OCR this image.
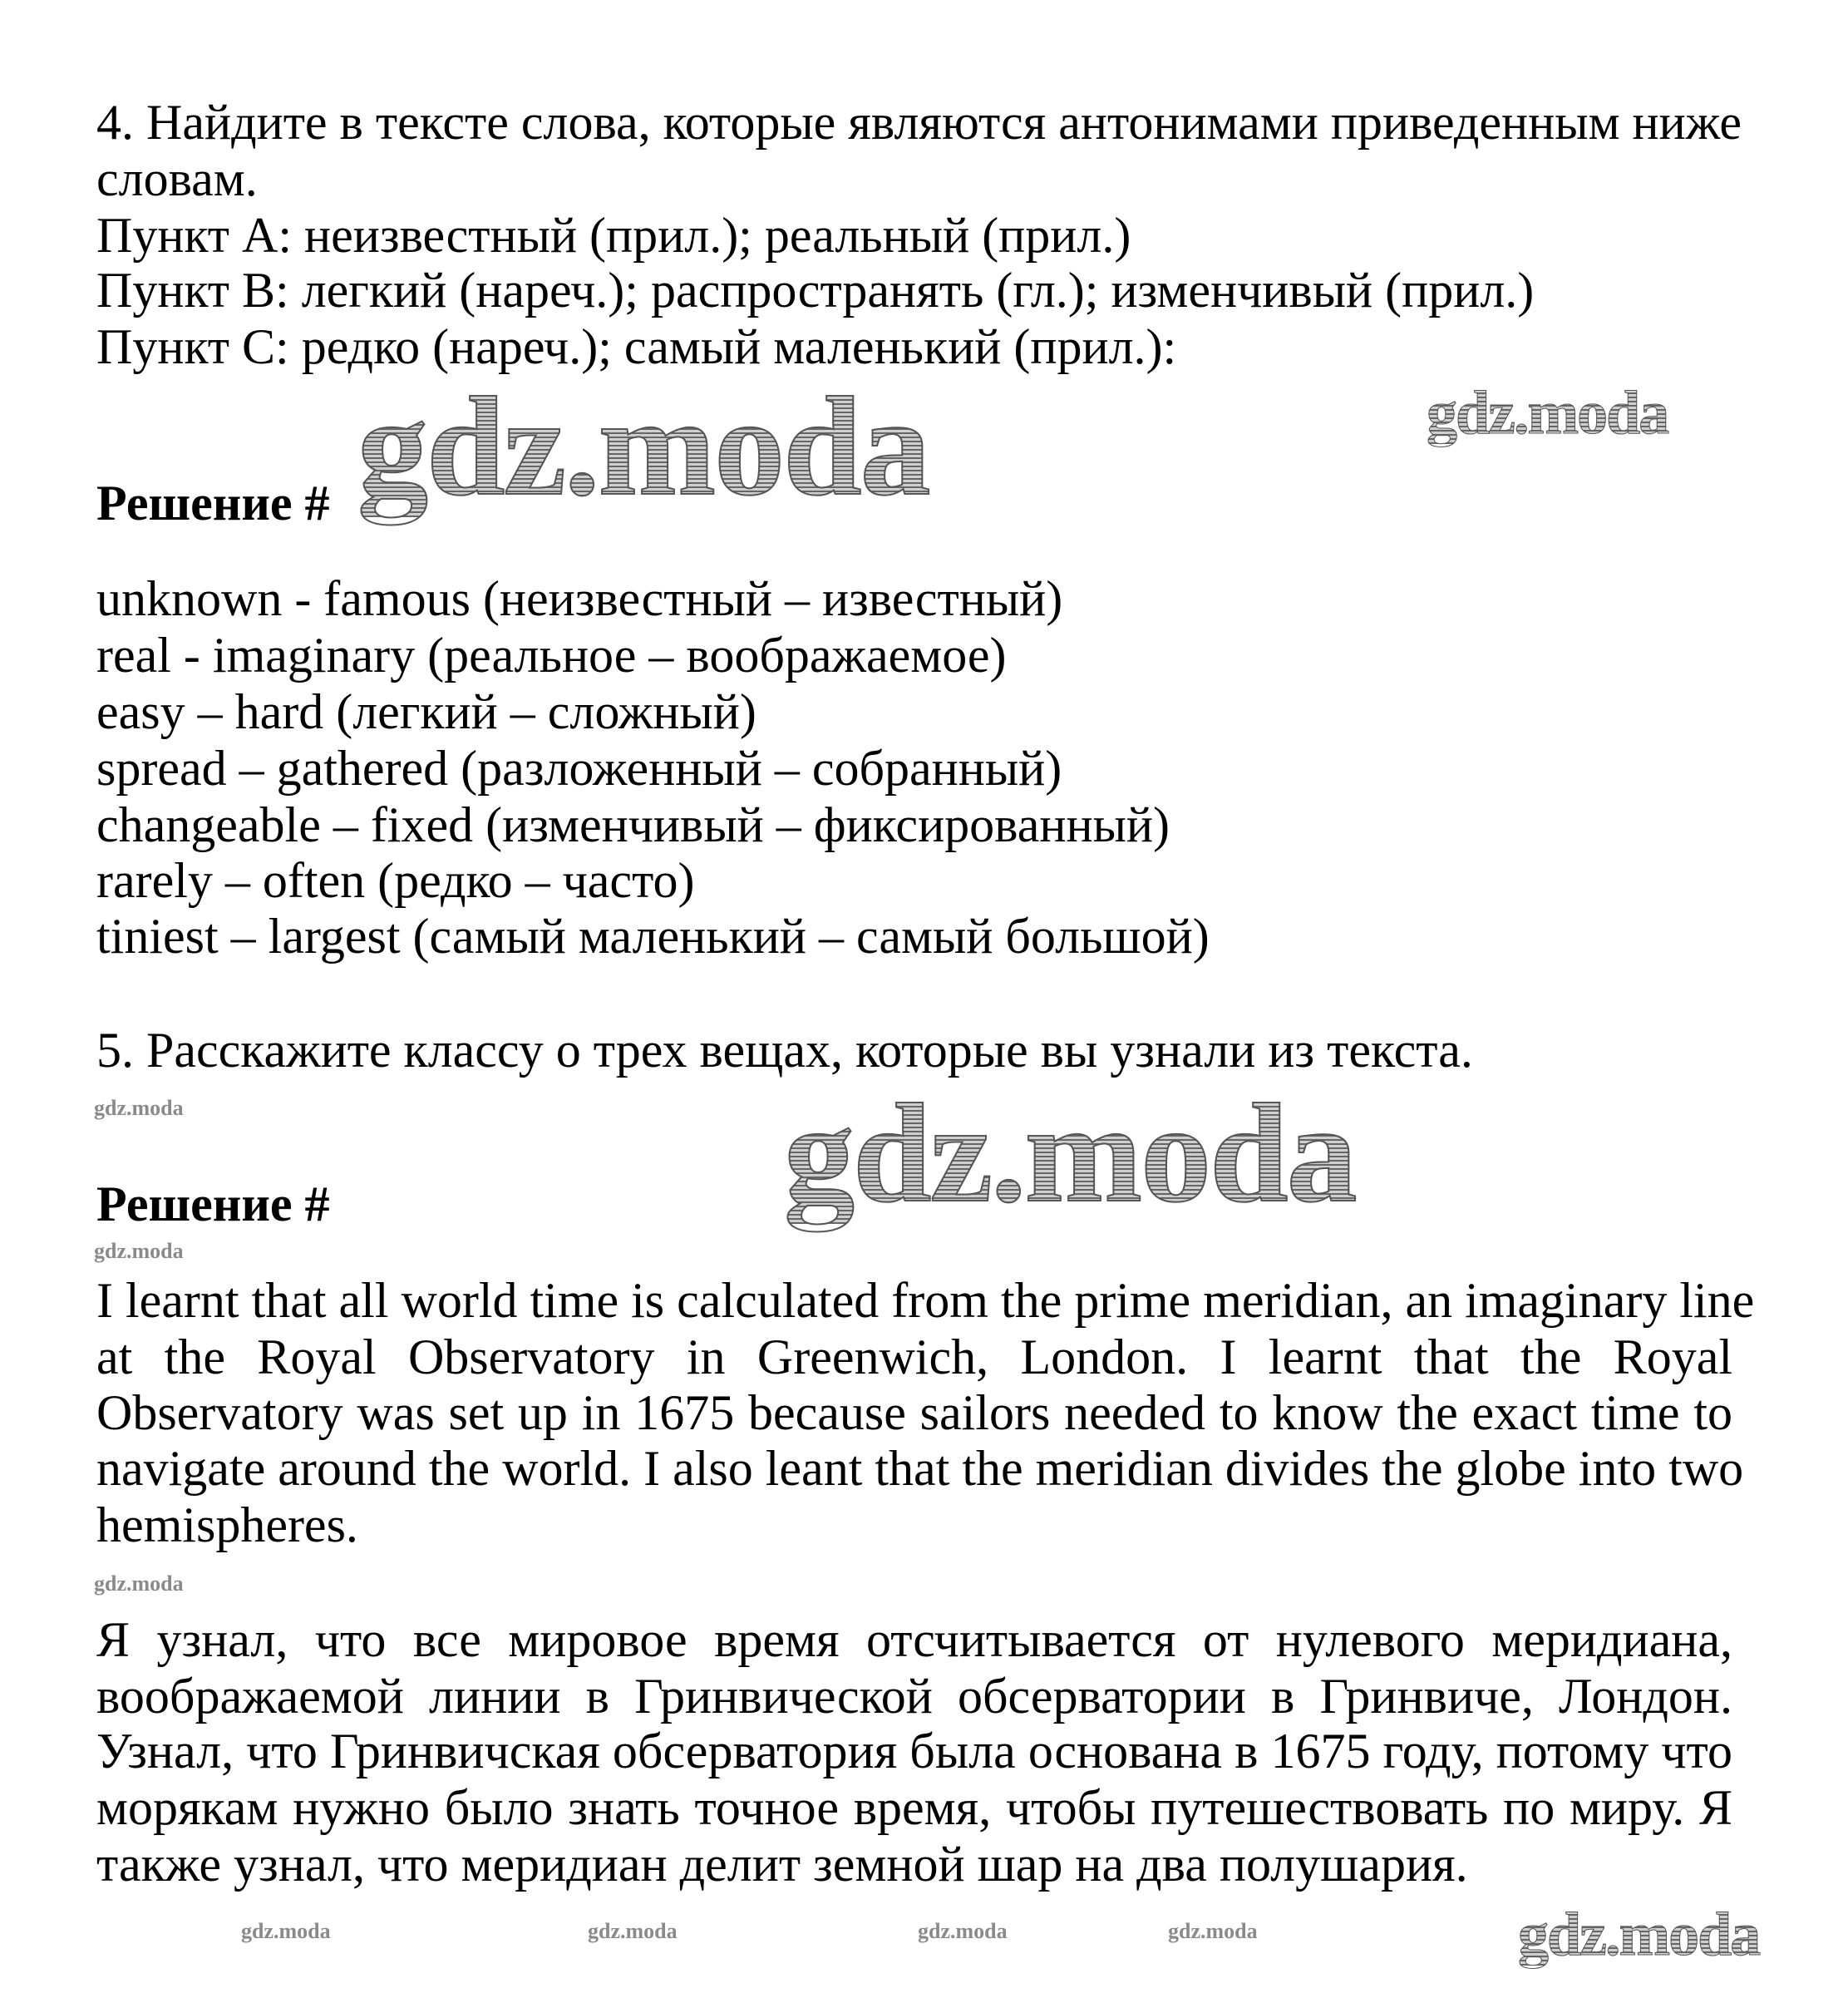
4. Найдите в тексте слова, которые являются антонимами приведенным ниже
словам.
Пункт А: неизвестный (прил.); реальный (прил.)
Пункт В: легкий (нареч.); распространять (гл.); изменчивый (прил.)
Пункт С: редко (нареч.); самый маленький (прил.):
Решение #
unknown - famous (неизвестный – известный)
real - imaginary (реальное – воображаемое)
easy – hard (легкий – сложный)
spread – gathered (разложенный – собранный)
changeable – fixed (изменчивый – фиксированный)
rarely – often (редко – часто)
tiniest – largest (самый маленький – самый большой)
5. Расскажите классу о трех вещах, которые вы узнали из текста.
Решение #
I learnt that all world time is calculated from the prime meridian, an imaginary line
at the Royal Observatory in Greenwich, London. I learnt that the Royal
Observatory was set up in 1675 because sailors needed to know the exact time to
navigate around the world. I also leant that the meridian divides the globe into two
hemispheres.
Я узнал, что все мировое время отсчитывается от нулевого меридиана,
воображаемой линии в Гринвической обсерватории в Гринвиче, Лондон.
Узнал, что Гринвичская обсерватория была основана в 1675 году, потому что
морякам нужно было знать точное время, чтобы путешествовать по миру. Я
также узнал, что меридиан делит земной шар на два полушария.
gdz.moda
gdz.moda
gdz.moda
gdz.moda
gdz.moda
gdz.moda
gdz.moda
gdz.moda	gdz.moda	gdz.moda	gdz.moda
